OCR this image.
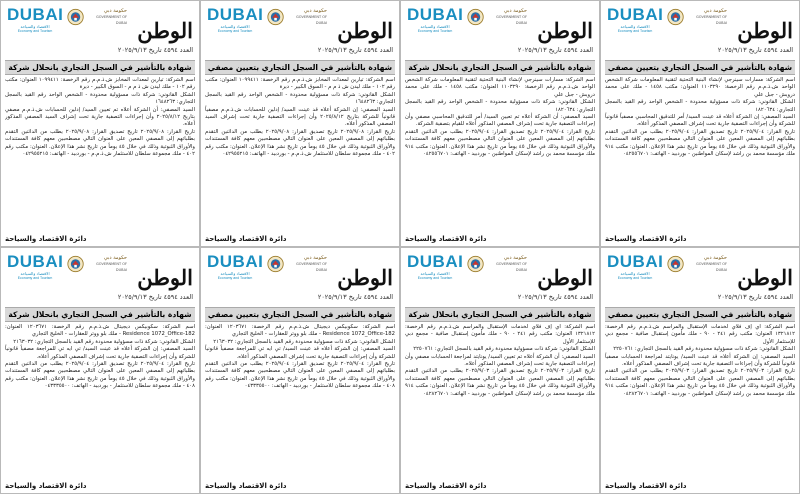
الوطن
العدد ٤٥٩٤ تاريخ ٢٠٢٥/٩/١٣
DUBAI
الاقتصاد والسياحة
Economy and Tourism
حكومة دبي
GOVERNMENT OF DUBAI
شهادة بالتأشير في السجل التجاري بانحلال شركة

اسم الشركة: تيارين لمعدات المخابز ش.ذ.م.م رقم الرخصة: ١٠٩٩٤١١ العنوان: مكتب رقم ١٠٢ - ملك ليدن ش ذ م م - السوق الكبير - ديرة

الشكل القانوني: شركة ذات مسؤولية محدودة - الشخص الواحد رقم القيد بالسجل التجاري: ١٦٤٨٢٦٣

السيد المصفي: أن الشركة أعلاه تم تعيين السيد/ إدلين للحسابات ش.ذ.م.م مصفي بتاريخ ٢٠٢٥/٨/١٢ وأن إجراءات التصفية جارية تحت إشراف السيد المصفي المذكور أعلاه.

تاريخ القرار: ٢٠٢٥/٩/٠٨ تاريخ تصديق القرار: ٢٠٢٥/٩/٠٨ يطلب من الدائنين التقدم بطلباتهم إلى المصفي المعين على العنوان التالي مصطحبين معهم كافة المستندات والأوراق الثبوتية وذلك في خلال ٤٥ يوماً من تاريخ نشر هذا الإعلان. العنوان: مكتب رقم ٤٠٢ - ملك مجموعة سلطان للاستثمار ش.ذ.م.م - بوردبيد - الهاتف: ٠٤٢٩٥٥٢١٥

دائرة الاقتصاد والسياحة
الوطن
العدد ٤٥٩٤ تاريخ ٢٠٢٥/٩/١٣
DUBAI
الاقتصاد والسياحة
Economy and Tourism
حكومة دبي
GOVERNMENT OF DUBAI
شهادة بالتأشير في السجل التجاري بتعيين مصفي

اسم الشركة: تيارين لمعدات المخابز ش.ذ.م.م رقم الرخصة: ١٠٩٩٤١١ العنوان: مكتب رقم ١٠٢ - ملك ليدن ش ذ م م - السوق الكبير - ديرة

الشكل القانوني: شركة ذات مسؤولية محدودة - الشخص الواحد رقم القيد بالسجل التجاري: ١٦٤٨٢٦٣

السيد المصفي: إن الشركة أعلاه قد عينت السيد/ إدلين للحسابات ش.ذ.م.م مصفياً قانونياً للشركة بتاريخ ٢٠٢٥/٨/١٢ وأن إجراءات التصفية جارية تحت إشراف السيد المصفي المذكور أعلاه.

تاريخ القرار: ٢٠٢٥/٩/٠٨ تاريخ تصديق القرار: ٢٠٢٥/٩/٠٨ يطلب من الدائنين التقدم بطلباتهم إلى المصفي المعين على العنوان التالي مصطحبين معهم كافة المستندات والأوراق الثبوتية وذلك في خلال ٤٥ يوماً من تاريخ نشر هذا الإعلان. العنوان: مكتب رقم ٤٠٢ - ملك مجموعة سلطان للاستثمار ش.ذ.م.م - بوردبيد - الهاتف: ٠٤٢٩٥٥٢١٥

دائرة الاقتصاد والسياحة
الوطن
العدد ٤٥٩٤ تاريخ ٢٠٢٥/٩/١٣
DUBAI
الاقتصاد والسياحة
Economy and Tourism
حكومة دبي
GOVERNMENT OF DUBAI
شهادة بالتأشير في السجل التجاري بانحلال شركة

اسم الشركة: مسارات سينرجي لإنشاء البنية التحتية لتقنية المعلومات شركة الشخص الواحد ش.ذ.م.م رقم الرخصة: ١١٠٣٢٩٠ العنوان: مكتب ١٤٥٨ - ملك على محمد درويش - جبل علي

الشكل القانوني: شركة ذات مسؤولية محدودة - الشخص الواحد رقم القيد بالسجل التجاري: ١٨٢٠٦٣٤

السيد المصفي: أن الشركة أعلاه تم تعيين السيد/ أمر للتدقيق المحاسبي مصفي وأن إجراءات التصفية جارية تحت إشراف المصفي المذكور أعلاه للقيام بتصفية الشركة.

تاريخ القرار: ٢٠٢٥/٩/٠٤ تاريخ تصديق القرار: ٢٠٢٥/٩/٠٤ يطلب من الدائنين التقدم بطلباتهم إلى المصفي المعين على العنوان التالي مصطحبين معهم كافة المستندات والأوراق الثبوتية وذلك في خلال ٤٥ يوماً من تاريخ نشر هذا الإعلان. العنوان: مكتب ٩١٤ ملك مؤسسة محمد بن راشد لإسكان المواطنين - بوردبيد - الهاتف: ٠٤٢٥٥٦٧٠١

دائرة الاقتصاد والسياحة
الوطن
العدد ٤٥٩٤ تاريخ ٢٠٢٥/٩/١٣
DUBAI
الاقتصاد والسياحة
Economy and Tourism
حكومة دبي
GOVERNMENT OF DUBAI
شهادة بالتأشير في السجل التجاري بتعيين مصفي

اسم الشركة: مسارات سينرجي لإنشاء البنية التحتية لتقنية المعلومات شركة الشخص الواحد ش.ذ.م.م رقم الرخصة: ١١٠٣٢٩٠ العنوان: مكتب ١٤٥٨ - ملك على محمد درويش - جبل علي

الشكل القانوني: شركة ذات مسؤولية محدودة - الشخص الواحد رقم القيد بالسجل التجاري: ١٨٢٠٦٣٤

السيد المصفي: إن الشركة أعلاه قد عينت السيد/ أمر للتدقيق المحاسبي مصفياً قانونياً للشركة وأن إجراءات التصفية جارية تحت إشراف المصفي المذكور أعلاه.

تاريخ القرار: ٢٠٢٥/٩/٠٤ تاريخ تصديق القرار: ٢٠٢٥/٩/٠٤ يطلب من الدائنين التقدم بطلباتهم إلى المصفي المعين على العنوان التالي مصطحبين معهم كافة المستندات والأوراق الثبوتية وذلك في خلال ٤٥ يوماً من تاريخ نشر هذا الإعلان. العنوان: مكتب ٩١٤ ملك مؤسسة محمد بن راشد لإسكان المواطنين - بوردبيد - الهاتف: ٠٤٢٥٥٦٧٠١

دائرة الاقتصاد والسياحة
الوطن
العدد ٤٥٩٤ تاريخ ٢٠٢٥/٩/١٣
DUBAI
الاقتصاد والسياحة
Economy and Tourism
حكومة دبي
GOVERNMENT OF DUBAI
شهادة بالتأشير في السجل التجاري بانحلال شركة

اسم الشركة: سكوبيكس ديجيتال ش.ذ.م.م رقم الرخصة: ١٢٠٣٦٧١ العنوان: Residence 1072_Office-182 - ملك بلو ووتر للعقارات - الخليج التجاري

الشكل القانوني: شركة ذات مسؤولية محدودة رقم القيد بالسجل التجاري: ٢١٦٣٠٣٢

السيد المصفي: إن الشركة أعلاه قد عينت السيد/ تي ايه تي للمراجعة مصفياً قانونياً للشركة وأن إجراءات التصفية جارية تحت إشراف المصفي المذكور أعلاه.

تاريخ القرار: ٢٠٢٥/٩/٠٤ تاريخ تصديق القرار: ٢٠٢٥/٩/٠٤ يطلب من الدائنين التقدم بطلباتهم إلى المصفي المعين على العنوان التالي مصطحبين معهم كافة المستندات والأوراق الثبوتية وذلك في خلال ٤٥ يوماً من تاريخ نشر هذا الإعلان. العنوان: مكتب رقم ٤٠٨ - ملك مجموعة سلطان للاستثمار - بوردبيد - الهاتف: ٠٤٣٣٣٥٥٠٠

دائرة الاقتصاد والسياحة
الوطن
العدد ٤٥٩٤ تاريخ ٢٠٢٥/٩/١٣
DUBAI
الاقتصاد والسياحة
Economy and Tourism
حكومة دبي
GOVERNMENT OF DUBAI
شهادة بالتأشير في السجل التجاري بتعيين مصفي

اسم الشركة: سكوبيكس ديجيتال ش.ذ.م.م رقم الرخصة: ١٢٠٣٦٧١ العنوان: Residence 1072_Office-182 - ملك بلو ووتر للعقارات - الخليج التجاري

الشكل القانوني: شركة ذات مسؤولية محدودة رقم القيد بالسجل التجاري: ٢١٦٣٠٣٢

السيد المصفي: إن الشركة أعلاه قد عينت السيد/ تي ايه تي للمراجعة مصفياً قانونياً للشركة وأن إجراءات التصفية جارية تحت إشراف المصفي المذكور أعلاه.

تاريخ القرار: ٢٠٢٥/٩/٠٤ تاريخ تصديق القرار: ٢٠٢٥/٩/٠٤ يطلب من الدائنين التقدم بطلباتهم إلى المصفي المعين على العنوان التالي مصطحبين معهم كافة المستندات والأوراق الثبوتية وذلك في خلال ٤٥ يوماً من تاريخ نشر هذا الإعلان. العنوان: مكتب رقم ٤٠٨ - ملك مجموعة سلطان للاستثمار - بوردبيد - الهاتف: ٠٤٣٣٣٥٥٠٠

دائرة الاقتصاد والسياحة
الوطن
العدد ٤٥٩٤ تاريخ ٢٠٢٥/٩/١٣
DUBAI
الاقتصاد والسياحة
Economy and Tourism
حكومة دبي
GOVERNMENT OF DUBAI
شهادة بالتأشير في السجل التجاري بانحلال شركة

اسم الشركة: آي إف فلاي لخدمات الإستقبال والمراسم ش.ذ.م.م رقم الرخصة: ١٣٢١٨١٢ العنوان: مكتب رقم ٢٤١ - ٩٠ - ملك مأمون إستقبال صافية - مجمع دبي للإستثمار الأول

الشكل القانوني: شركة ذات مسؤولية محدودة رقم القيد بالسجل التجاري: ٢٢٥٠٧٦١

السيد المصفي: أن الشركة أعلاه تم تعيين السيد/ يونايتد لمراجعة الحسابات مصفي وأن إجراءات التصفية جارية تحت إشراف المصفي المذكور أعلاه.

تاريخ القرار: ٢٠٢٥/٩/٠٣ تاريخ تصديق القرار: ٢٠٢٥/٩/٠٣ يطلب من الدائنين التقدم بطلباتهم إلى المصفي المعين على العنوان التالي مصطحبين معهم كافة المستندات والأوراق الثبوتية وذلك في خلال ٤٥ يوماً من تاريخ نشر هذا الإعلان. العنوان: مكتب ٩١٤ ملك مؤسسة محمد بن راشد لإسكان المواطنين - بوردبيد - الهاتف: ٠٤٢٨٢٦٧٠١

دائرة الاقتصاد والسياحة
الوطن
العدد ٤٥٩٤ تاريخ ٢٠٢٥/٩/١٣
DUBAI
الاقتصاد والسياحة
Economy and Tourism
حكومة دبي
GOVERNMENT OF DUBAI
شهادة بالتأشير في السجل التجاري بتعيين مصفي

اسم الشركة: آي إف فلاي لخدمات الإستقبال والمراسم ش.ذ.م.م رقم الرخصة: ١٣٢١٨١٢ العنوان: مكتب رقم ٢٤١ - ٩٠ - ملك مأمون إستقبال صافية - مجمع دبي للإستثمار الأول

الشكل القانوني: شركة ذات مسؤولية محدودة رقم القيد بالسجل التجاري: ٢٢٥٠٧٦١

السيد المصفي: إن الشركة أعلاه قد عينت السيد/ يونايتد لمراجعة الحسابات مصفياً قانونياً للشركة وأن إجراءات التصفية جارية تحت إشراف المصفي المذكور أعلاه.

تاريخ القرار: ٢٠٢٥/٩/٠٣ تاريخ تصديق القرار: ٢٠٢٥/٩/٠٣ يطلب من الدائنين التقدم بطلباتهم إلى المصفي المعين على العنوان التالي مصطحبين معهم كافة المستندات والأوراق الثبوتية وذلك في خلال ٤٥ يوماً من تاريخ نشر هذا الإعلان. العنوان: مكتب ٩١٤ ملك مؤسسة محمد بن راشد لإسكان المواطنين - بوردبيد - الهاتف: ٠٤٢٨٢٦٧٠١

دائرة الاقتصاد والسياحة
